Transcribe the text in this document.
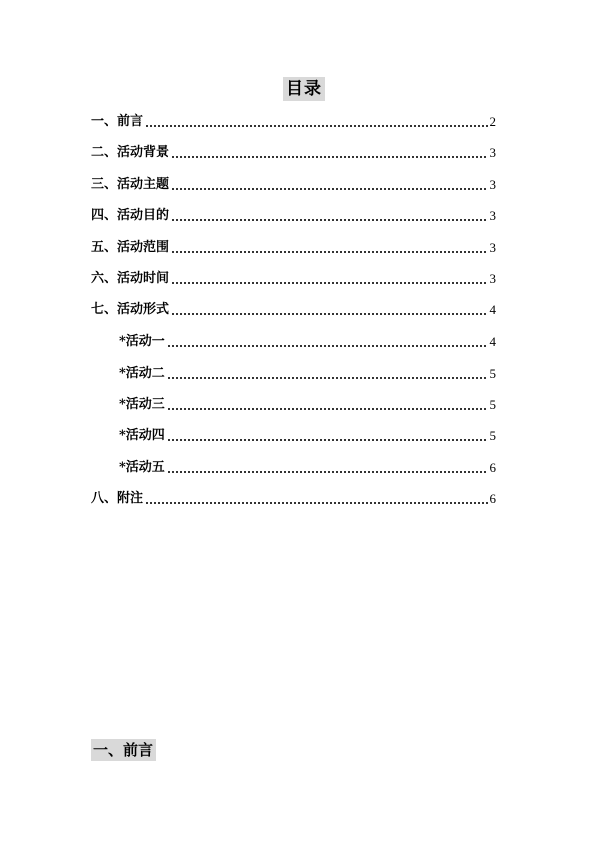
目录
一、前言	2
二、活动背景	3
三、活动主题	3
四、活动目的	3
五、活动范围	3
六、活动时间	3
七、活动形式	4
*活动一	4
*活动二	5
*活动三	5
*活动四	5
*活动五	6
八、附注	6
一、前言
